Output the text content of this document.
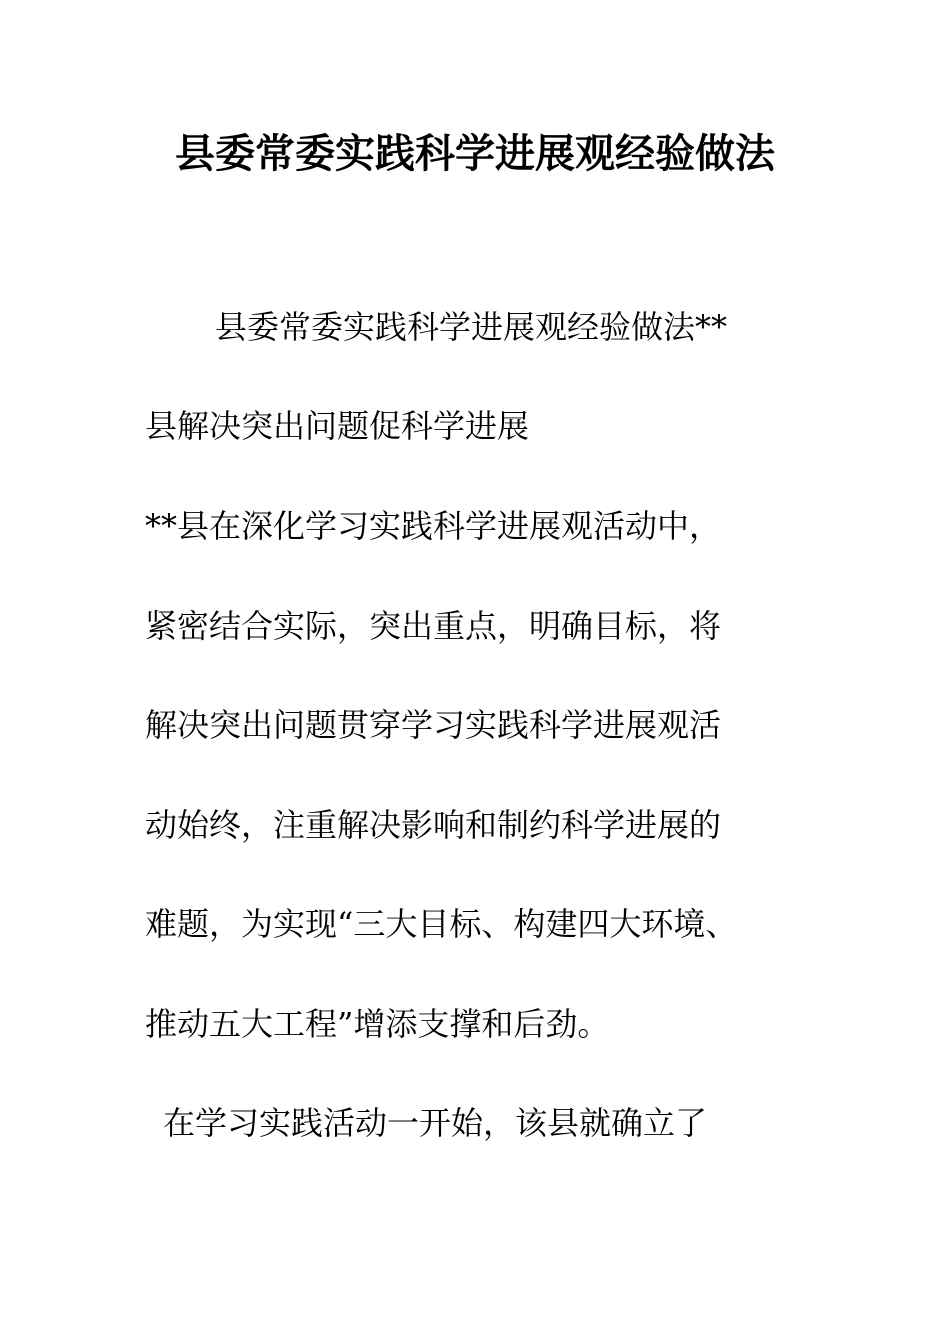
县委常委实践科学进展观经验做法
县委常委实践科学进展观经验做法**
县解决突出问题促科学进展
**县在深化学习实践科学进展观活动中，
紧密结合实际，突出重点，明确目标，将
解决突出问题贯穿学习实践科学进展观活
动始终，注重解决影响和制约科学进展的
难题，为实现“三大目标、构建四大环境、
推动五大工程”增添支撑和后劲。
在学习实践活动一开始，该县就确立了
